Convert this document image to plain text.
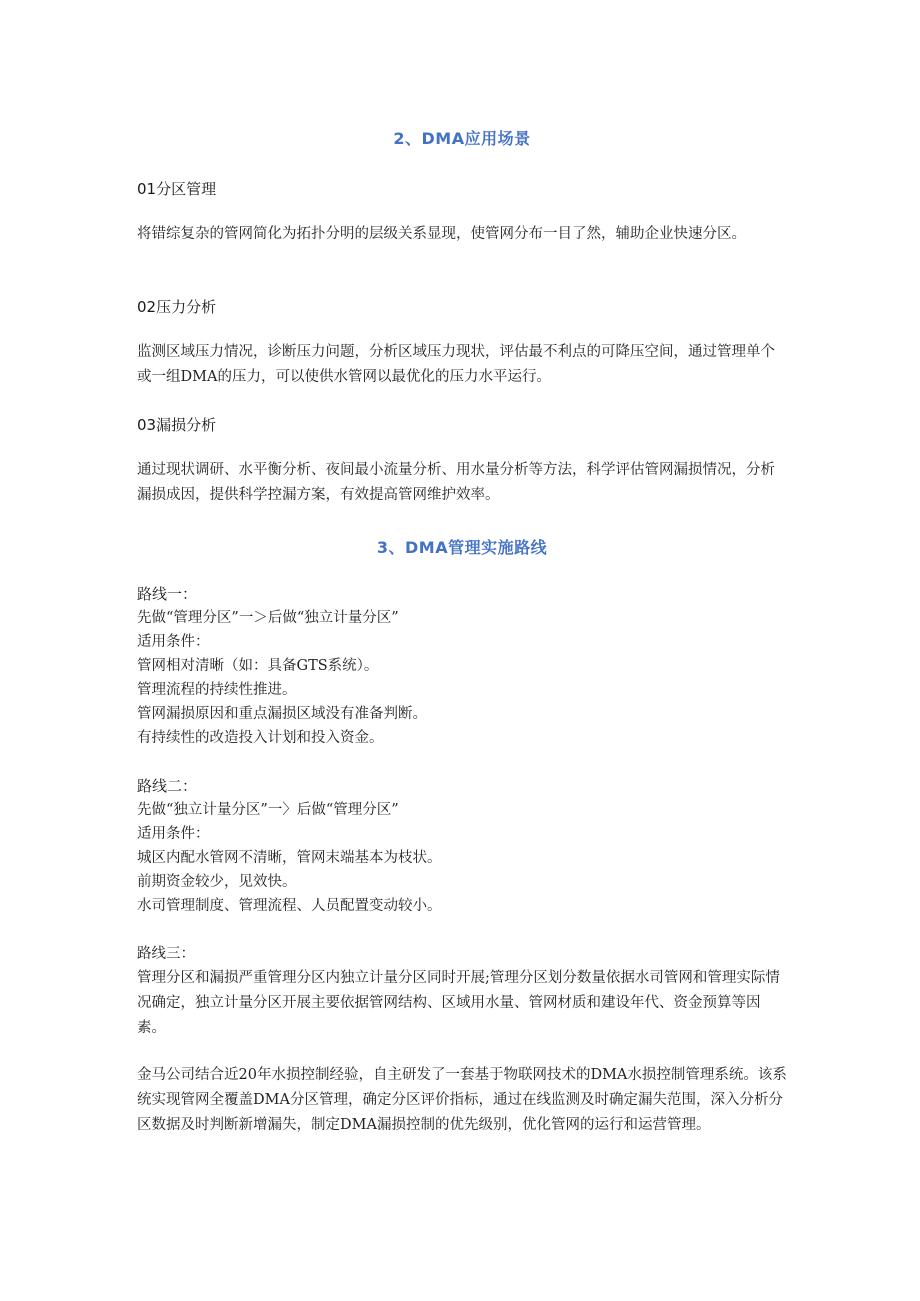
2、DMA应用场景
01分区管理

将错综复杂的管网简化为拓扑分明的层级关系显现，使管网分布一目了然，辅助企业快速分区。

02压力分析

监测区域压力情况，诊断压力问题，分析区域压力现状，评估最不利点的可降压空间，通过管理单个或一组DMA的压力，可以使供水管网以最优化的压力水平运行。

03漏损分析

通过现状调研、水平衡分析、夜间最小流量分析、用水量分析等方法，科学评估管网漏损情况，分析漏损成因，提供科学控漏方案，有效提高管网维护效率。

3、DMA管理实施路线
路线一：
先做“管理分区”一＞后做“独立计量分区”
适用条件：
管网相对清晰（如：具备GTS系统）。
管理流程的持续性推进。
管网漏损原因和重点漏损区域没有准备判断。
有持续性的改造投入计划和投入资金。
路线二：
先做“独立计量分区”一〉后做“管理分区”
适用条件：
城区内配水管网不清晰，管网末端基本为枝状。
前期资金较少，见效快。
水司管理制度、管理流程、人员配置变动较小。
路线三：

管理分区和漏损严重管理分区内独立计量分区同时开展;管理分区划分数量依据水司管网和管理实际情况确定，独立计量分区开展主要依据管网结构、区域用水量、管网材质和建设年代、资金预算等因素。

金马公司结合近20年水损控制经验，自主研发了一套基于物联网技术的DMA水损控制管理系统。该系统实现管网全覆盖DMA分区管理，确定分区评价指标，通过在线监测及时确定漏失范围，深入分析分区数据及时判断新增漏失，制定DMA漏损控制的优先级别，优化管网的运行和运营管理。
